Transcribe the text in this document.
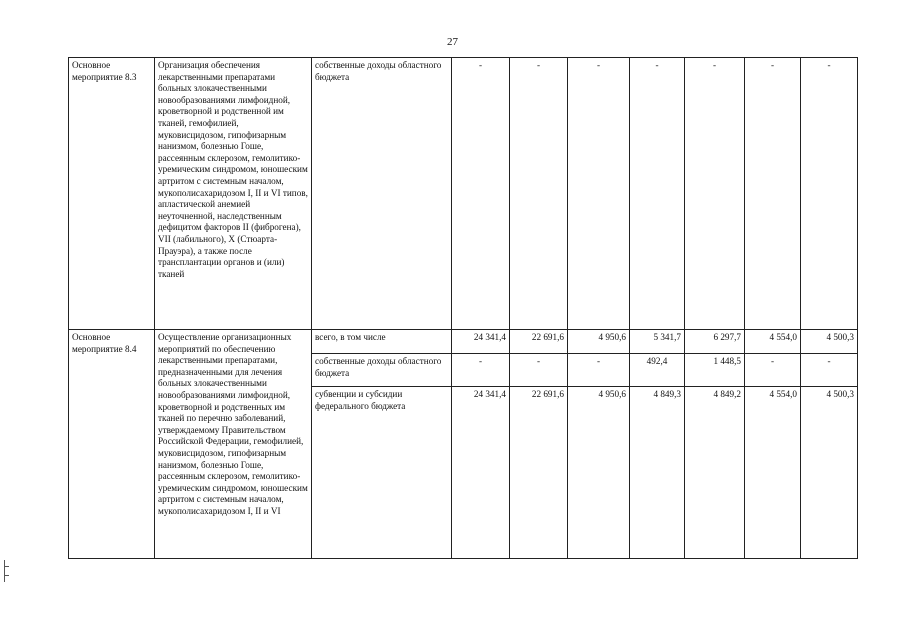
27
Основное мероприятие 8.3	Организация обеспечения лекарственными препаратами больных злокачественными новообразованиями лимфоидной, кроветворной и родственной им тканей, гемофилией, муковисцидозом, гипофизарным нанизмом, болезнью Гоше, рассеянным склерозом, гемолитико-уремическим синдромом, юношеским артритом с системным началом, мукополисахаридозом I, II и VI типов, апластической анемией неуточненной, наследственным дефицитом факторов II (фиброгена), VII (лабильного), X (Стюарта-Прауэра), а также после трансплантации органов и (или) тканей	собственные доходы областного бюджета	-	-	-	-	-	-	-
Основное мероприятие 8.4	Осуществление организационных мероприятий по обеспечению лекарственными препаратами, предназначенными для лечения больных злокачественными новообразованиями лимфоидной, кроветворной и родственных им тканей по перечню заболеваний, утверждаемому Правительством Российской Федерации, гемофилией, муковисцидозом, гипофизарным нанизмом, болезнью Гоше, рассеянным склерозом, гемолитико-уремическим синдромом, юношеским артритом с системным началом, мукополисахаридозом I, II и VI	всего, в том числе	24 341,4	22 691,6	4 950,6	5 341,7	6 297,7	4 554,0	4 500,3
		собственные доходы областного бюджета	-	-	-	492,4	1 448,5	-	-
		субвенции и субсидии федерального бюджета	24 341,4	22 691,6	4 950,6	4 849,3	4 849,2	4 554,0	4 500,3
